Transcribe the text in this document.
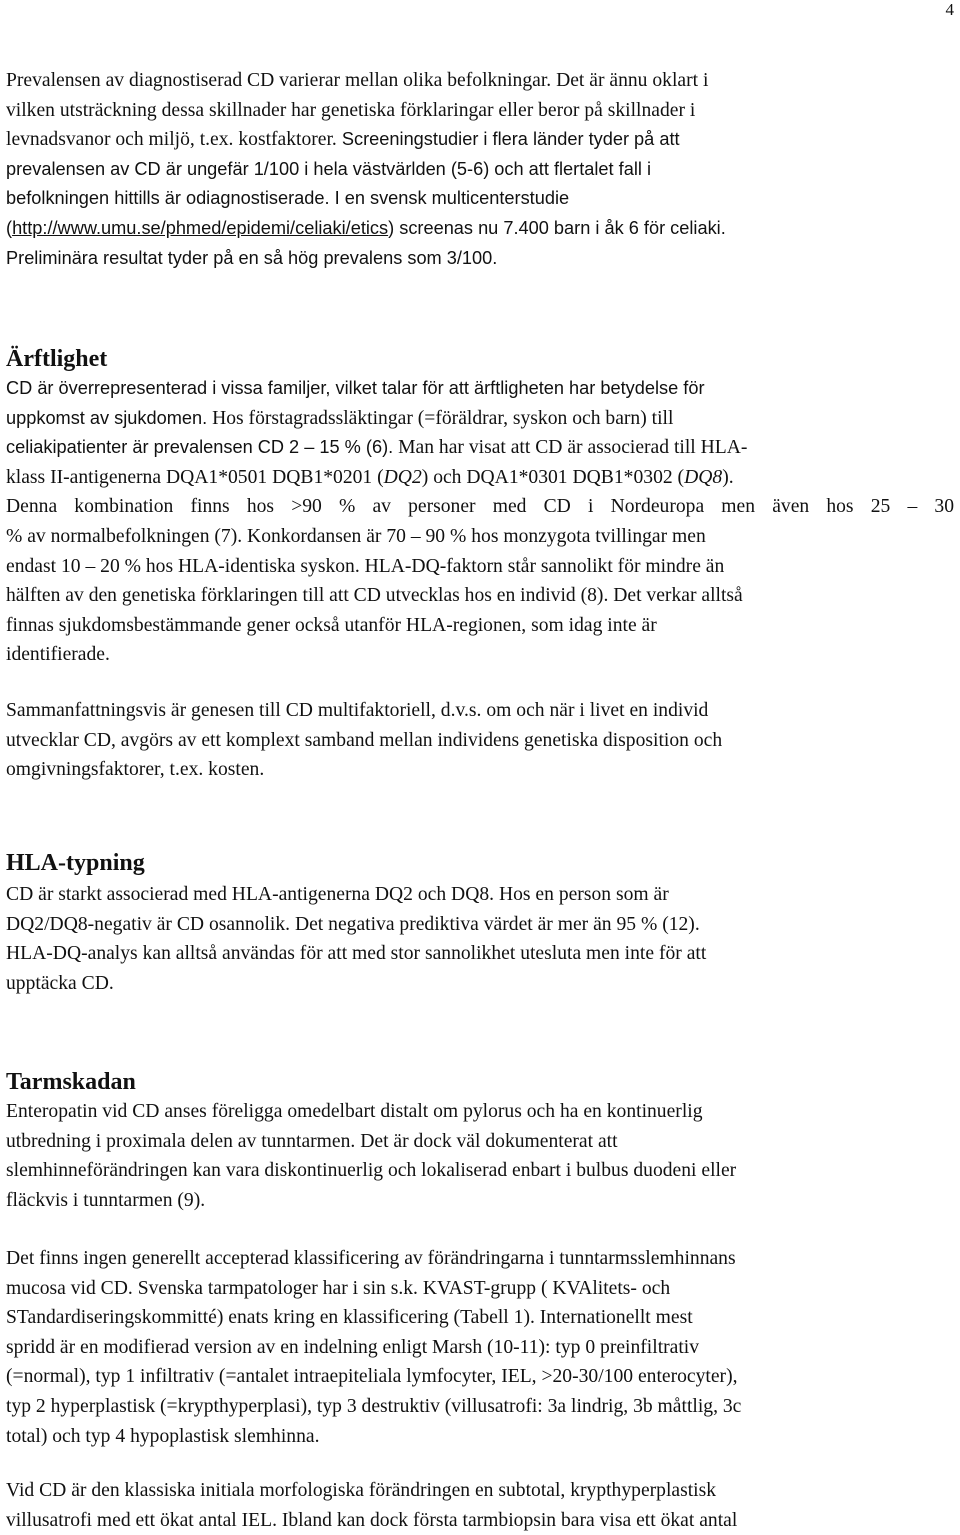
4
Prevalensen av diagnostiserad CD varierar mellan olika befolkningar. Det är ännu oklart i
vilken utsträckning dessa skillnader har genetiska förklaringar eller beror på skillnader i
levnadsvanor och miljö, t.ex. kostfaktorer. Screeningstudier i flera länder tyder på att
prevalensen av CD är ungefär 1/100 i hela västvärlden (5-6) och att flertalet fall i
befolkningen hittills är odiagnostiserade. I en svensk multicenterstudie
(http://www.umu.se/phmed/epidemi/celiaki/etics) screenas nu 7.400 barn i åk 6 för celiaki.
Preliminära resultat tyder på en så hög prevalens som 3/100.
Ärftlighet
CD är överrepresenterad i vissa familjer, vilket talar för att ärftligheten har betydelse för
uppkomst av sjukdomen. Hos förstagradssläktingar (=föräldrar, syskon och barn) till
celiakipatienter är prevalensen CD 2 – 15 % (6). Man har visat att CD är associerad till HLA-
klass II-antigenerna DQA1*0501 DQB1*0201 (DQ2) och DQA1*0301 DQB1*0302 (DQ8).
Denna kombination finns hos >90 % av personer med CD i Nordeuropa men även hos 25 – 30
% av normalbefolkningen (7). Konkordansen är 70 – 90 % hos monzygota tvillingar men
endast 10 – 20 % hos HLA-identiska syskon. HLA-DQ-faktorn står sannolikt för mindre än
hälften av den genetiska förklaringen till att CD utvecklas hos en individ (8). Det verkar alltså
finnas sjukdomsbestämmande gener också utanför HLA-regionen, som idag inte är
identifierade.
Sammanfattningsvis är genesen till CD multifaktoriell, d.v.s. om och när i livet en individ
utvecklar CD, avgörs av ett komplext samband mellan individens genetiska disposition och
omgivningsfaktorer, t.ex. kosten.
HLA-typning
CD är starkt associerad med HLA-antigenerna DQ2 och DQ8. Hos en person som är
DQ2/DQ8-negativ är CD osannolik. Det negativa prediktiva värdet är mer än 95 % (12).
HLA-DQ-analys kan alltså användas för att med stor sannolikhet utesluta men inte för att
upptäcka CD.
Tarmskadan
Enteropatin vid CD anses föreligga omedelbart distalt om pylorus och ha en kontinuerlig
utbredning i proximala delen av tunntarmen. Det är dock väl dokumenterat att
slemhinneförändringen kan vara diskontinuerlig och lokaliserad enbart i bulbus duodeni eller
fläckvis i tunntarmen (9).
Det finns ingen generellt accepterad klassificering av förändringarna i tunntarmsslemhinnans
mucosa vid CD. Svenska tarmpatologer har i sin s.k. KVAST-grupp ( KVAlitets- och
STandardiseringskommitté) enats kring en klassificering (Tabell 1). Internationellt mest
spridd är en modifierad version av en indelning enligt Marsh (10-11): typ 0 preinfiltrativ
(=normal), typ 1 infiltrativ (=antalet intraepiteliala lymfocyter, IEL, >20-30/100 enterocyter),
typ 2 hyperplastisk (=krypthyperplasi), typ 3 destruktiv (villusatrofi: 3a lindrig, 3b måttlig, 3c
total) och typ 4 hypoplastisk slemhinna.
Vid CD är den klassiska initiala morfologiska förändringen en subtotal, krypthyperplastisk
villusatrofi med ett ökat antal IEL. Ibland kan dock första tarmbiopsin bara visa ett ökat antal
